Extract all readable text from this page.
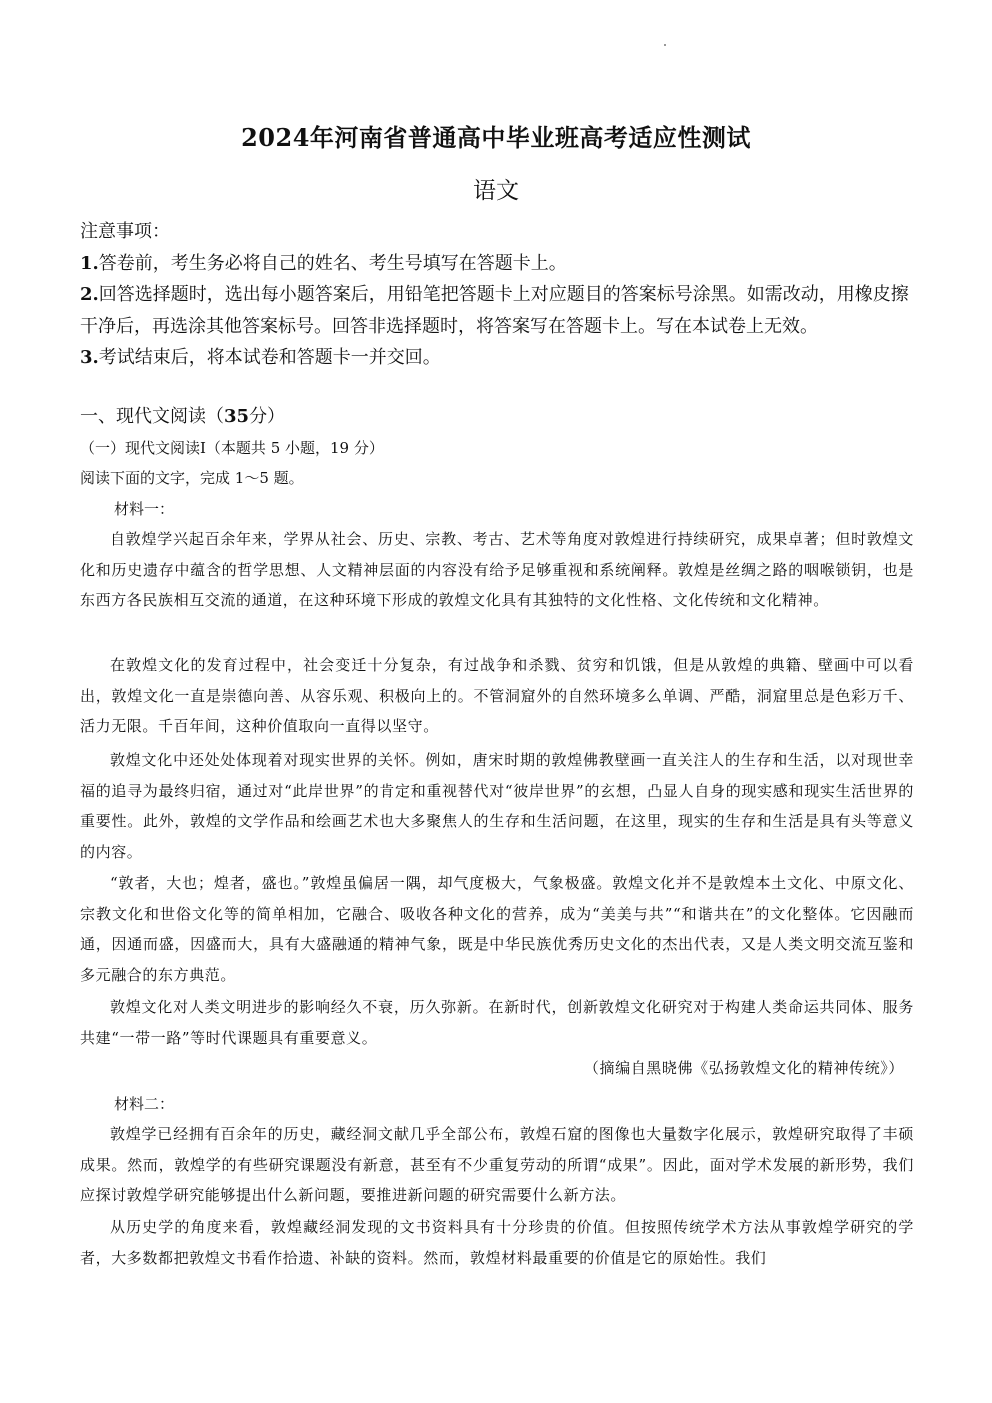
2024年河南省普通高中毕业班高考适应性测试
语文

注意事项：

1.答卷前，考生务必将自己的姓名、考生号填写在答题卡上。

2.回答选择题时，选出每小题答案后，用铅笔把答题卡上对应题目的答案标号涂黑。如需改动，用橡皮擦干净后，再选涂其他答案标号。回答非选择题时，将答案写在答题卡上。写在本试卷上无效。

3.考试结束后，将本试卷和答题卡一并交回。

一、现代文阅读（35分）
（一）现代文阅读Ⅰ（本题共 5 小题，19 分）
阅读下面的文字，完成 1～5 题。
材料一：

自敦煌学兴起百余年来，学界从社会、历史、宗教、考古、艺术等角度对敦煌进行持续研究，成果卓著；但时敦煌文化和历史遗存中蕴含的哲学思想、人文精神层面的内容没有给予足够重视和系统阐释。敦煌是丝绸之路的咽喉锁钥，也是东西方各民族相互交流的通道，在这种环境下形成的敦煌文化具有其独特的文化性格、文化传统和文化精神。

在敦煌文化的发育过程中，社会变迁十分复杂，有过战争和杀戮、贫穷和饥饿，但是从敦煌的典籍、壁画中可以看出，敦煌文化一直是崇德向善、从容乐观、积极向上的。不管洞窟外的自然环境多么单调、严酷，洞窟里总是色彩万千、活力无限。千百年间，这种价值取向一直得以坚守。

敦煌文化中还处处体现着对现实世界的关怀。例如，唐宋时期的敦煌佛教壁画一直关注人的生存和生活，以对现世幸福的追寻为最终归宿，通过对“此岸世界”的肯定和重视替代对“彼岸世界”的玄想，凸显人自身的现实感和现实生活世界的重要性。此外，敦煌的文学作品和绘画艺术也大多聚焦人的生存和生活问题，在这里，现实的生存和生活是具有头等意义的内容。

“敦者，大也；煌者，盛也。”敦煌虽偏居一隅，却气度极大，气象极盛。敦煌文化并不是敦煌本土文化、中原文化、宗教文化和世俗文化等的简单相加，它融合、吸收各种文化的营养，成为“美美与共”“和谐共在”的文化整体。它因融而通，因通而盛，因盛而大，具有大盛融通的精神气象，既是中华民族优秀历史文化的杰出代表，又是人类文明交流互鉴和多元融合的东方典范。

敦煌文化对人类文明进步的影响经久不衰，历久弥新。在新时代，创新敦煌文化研究对于构建人类命运共同体、服务共建“一带一路”等时代课题具有重要意义。

（摘编自黑晓佛《弘扬敦煌文化的精神传统》）
材料二：

敦煌学已经拥有百余年的历史，藏经洞文献几乎全部公布，敦煌石窟的图像也大量数字化展示，敦煌研究取得了丰硕成果。然而，敦煌学的有些研究课题没有新意，甚至有不少重复劳动的所谓“成果”。因此，面对学术发展的新形势，我们应探讨敦煌学研究能够提出什么新问题，要推进新问题的研究需要什么新方法。

从历史学的角度来看，敦煌藏经洞发现的文书资料具有十分珍贵的价值。但按照传统学术方法从事敦煌学研究的学者，大多数都把敦煌文书看作拾遗、补缺的资料。然而，敦煌材料最重要的价值是它的原始性。我们
